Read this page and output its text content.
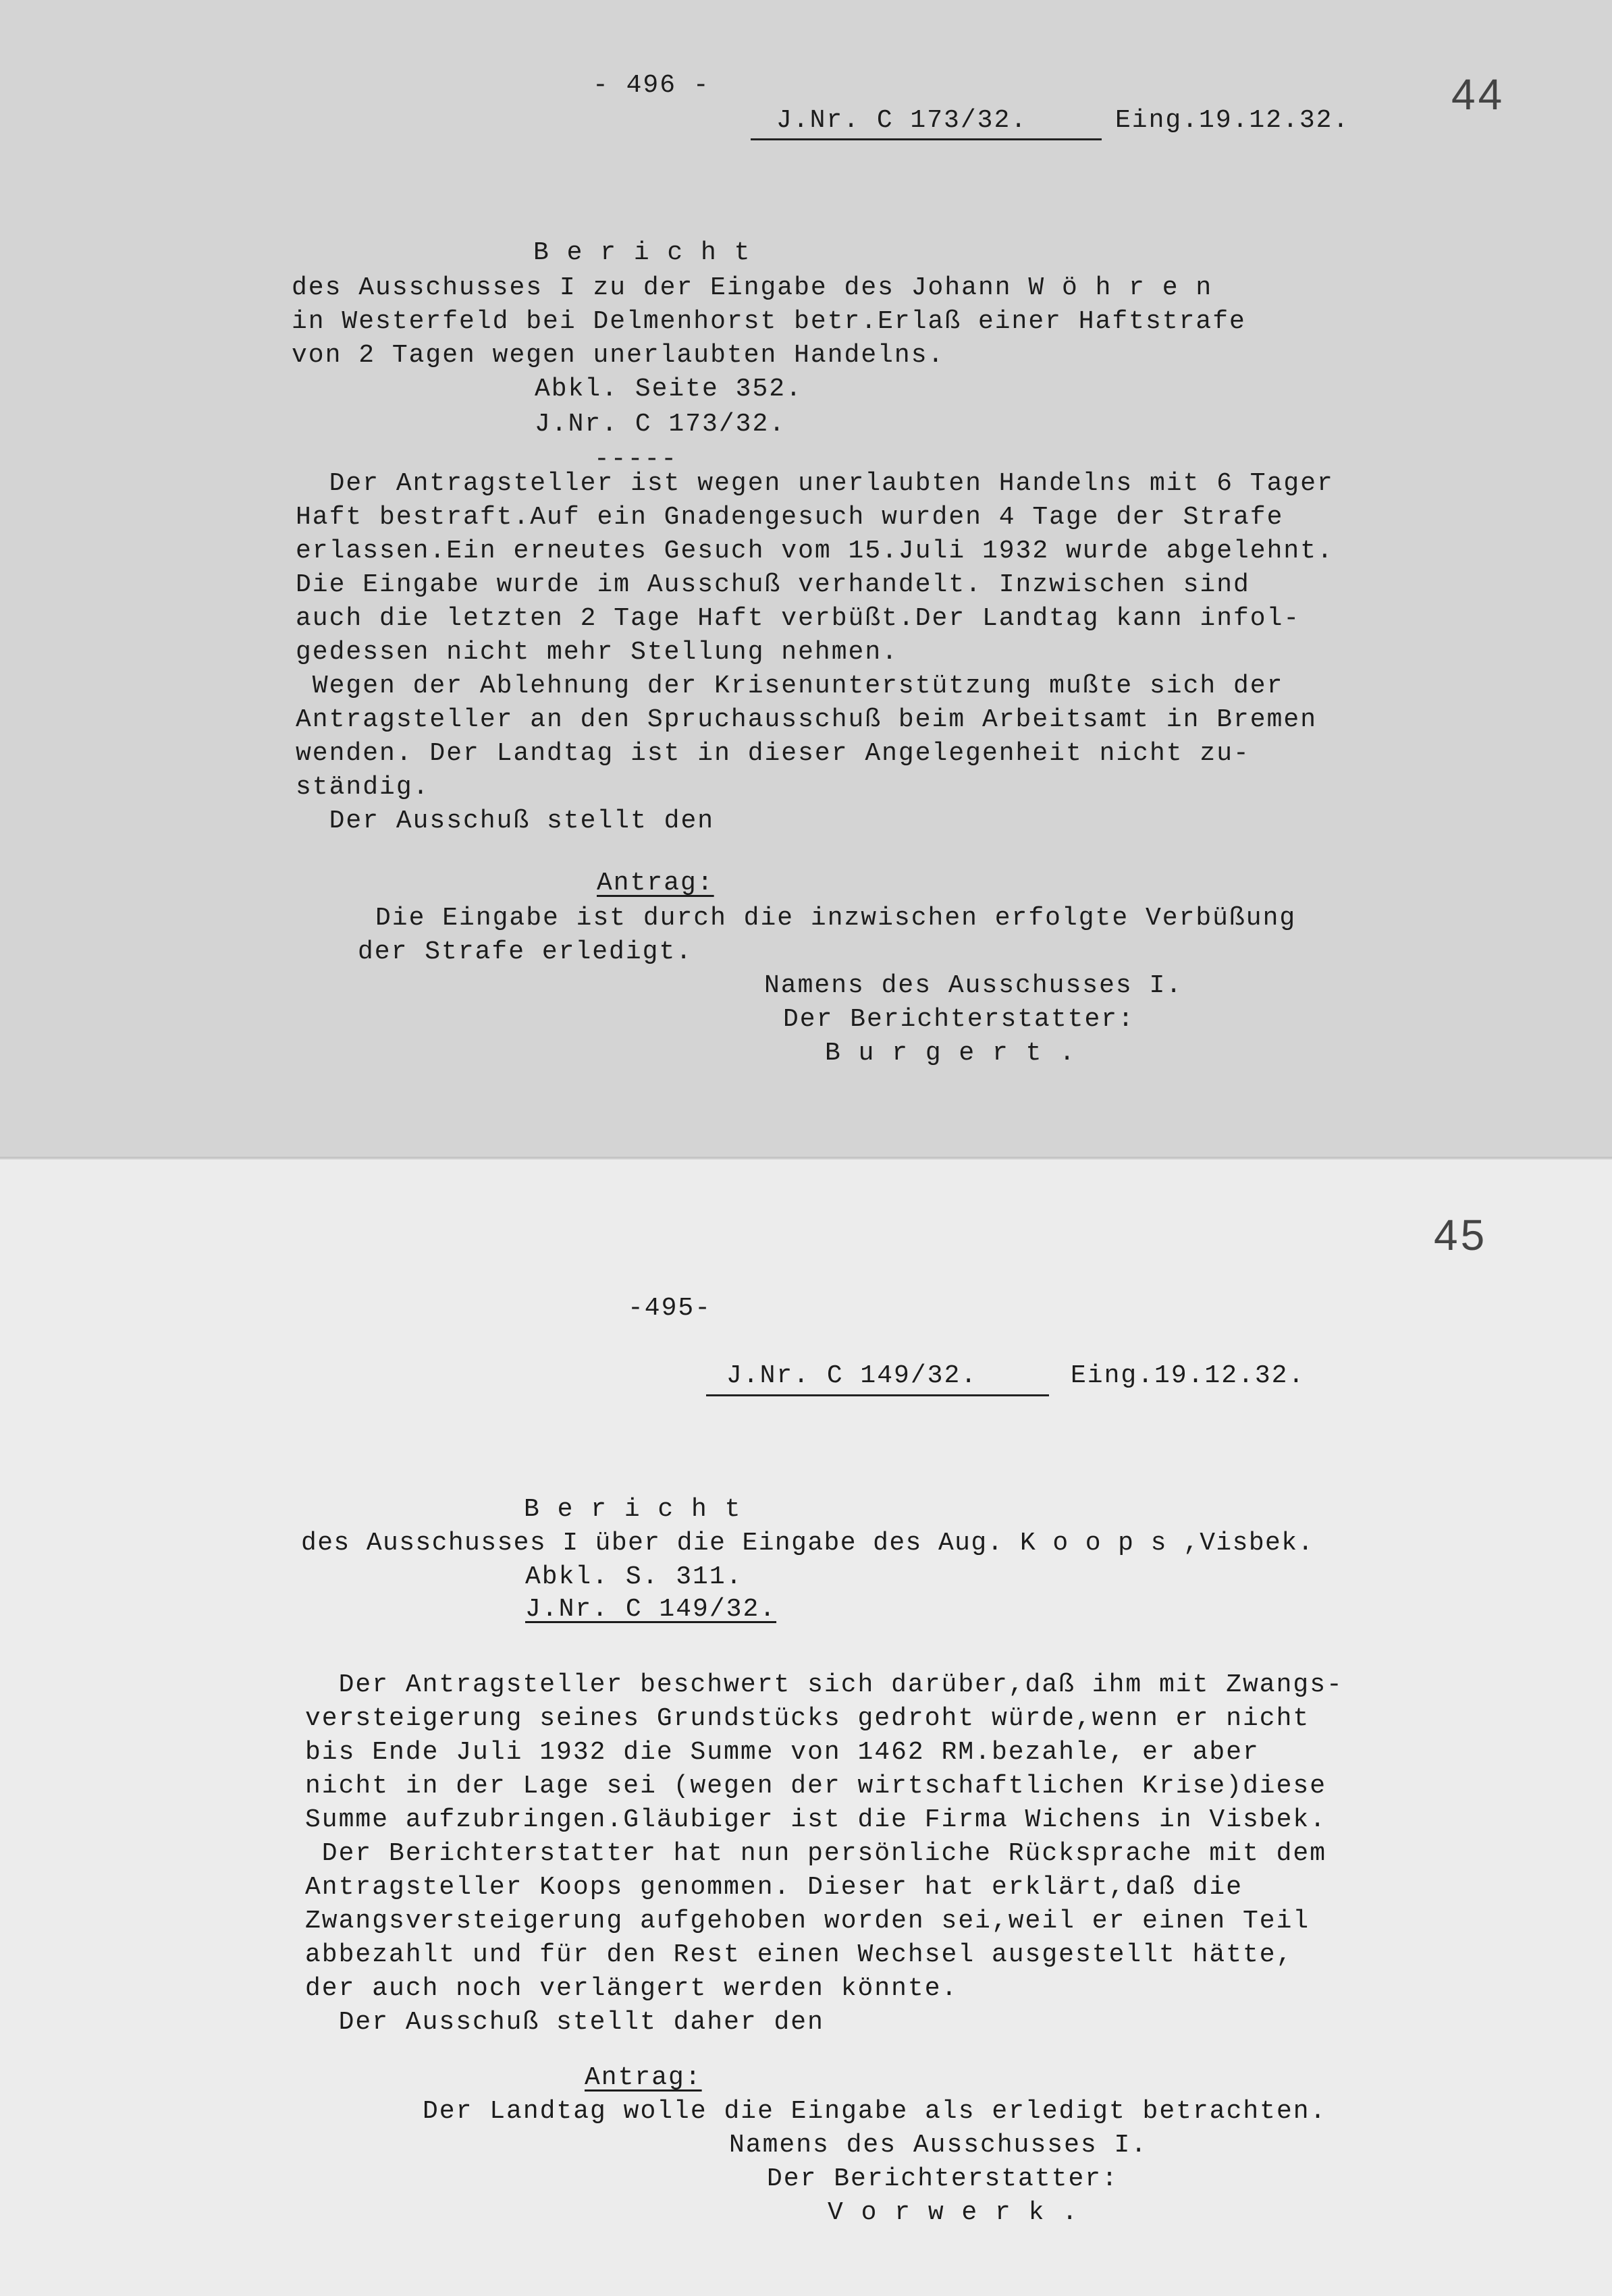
- 496 -
J.Nr. C 173/32.	Eing.19.12.32.
44
B e r i c h t
des Ausschusses I zu der Eingabe des Johann W ö h r e n
in Westerfeld bei Delmenhorst betr.Erlaß einer Haftstrafe
von 2 Tagen wegen unerlaubten Handelns.
Abkl. Seite 352.
J.Nr. C 173/32.
-----
Der Antragsteller ist wegen unerlaubten Handelns mit 6 Tager
Haft bestraft.Auf ein Gnadengesuch wurden 4 Tage der Strafe
erlassen.Ein erneutes Gesuch vom 15.Juli 1932 wurde abgelehnt.
Die Eingabe wurde im Ausschuß verhandelt. Inzwischen sind
auch die letzten 2 Tage Haft verbüßt.Der Landtag kann infol-
gedessen nicht mehr Stellung nehmen.
Wegen der Ablehnung der Krisenunterstützung mußte sich der
Antragsteller an den Spruchausschuß beim Arbeitsamt in Bremen
wenden. Der Landtag ist in dieser Angelegenheit nicht zu-
ständig.
Der Ausschuß stellt den
Antrag:
Die Eingabe ist durch die inzwischen erfolgte Verbüßung
der Strafe erledigt.
Namens des Ausschusses I.
Der Berichterstatter:
B u r g e r t .
45
-495-
J.Nr. C 149/32.	Eing.19.12.32.
B e r i c h t
des Ausschusses I über die Eingabe des Aug. K o o p s ,Visbek.
Abkl. S. 311.
J.Nr. C 149/32.
Der Antragsteller beschwert sich darüber,daß ihm mit Zwangs-
versteigerung seines Grundstücks gedroht würde,wenn er nicht
bis Ende Juli 1932 die Summe von 1462 RM.bezahle, er aber
nicht in der Lage sei (wegen der wirtschaftlichen Krise)diese
Summe aufzubringen.Gläubiger ist die Firma Wichens in Visbek.
Der Berichterstatter hat nun persönliche Rücksprache mit dem
Antragsteller Koops genommen. Dieser hat erklärt,daß die
Zwangsversteigerung aufgehoben worden sei,weil er einen Teil
abbezahlt und für den Rest einen Wechsel ausgestellt hätte,
der auch noch verlängert werden könnte.
Der Ausschuß stellt daher den
Antrag:
Der Landtag wolle die Eingabe als erledigt betrachten.
Namens des Ausschusses I.
Der Berichterstatter:
V o r w e r k .
